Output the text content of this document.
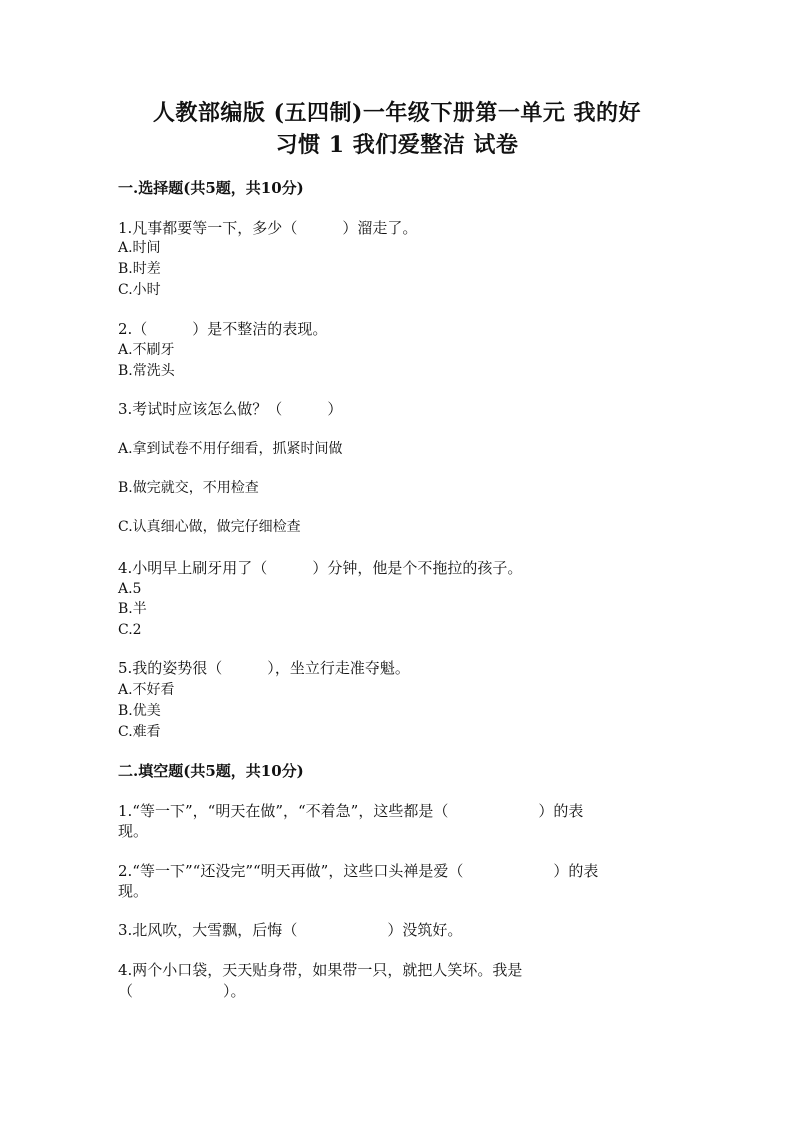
人教部编版 (五四制)一年级下册第一单元 我的好
习惯 1 我们爱整洁 试卷
一.选择题(共5题，共10分)
1.凡事都要等一下，多少（　　　）溜走了。
A.时间
B.时差
C.小时
2.（　　　）是不整洁的表现。
A.不刷牙
B.常洗头
3.考试时应该怎么做？（　　　）
A.拿到试卷不用仔细看，抓紧时间做
B.做完就交，不用检查
C.认真细心做，做完仔细检查
4.小明早上刷牙用了（　　　）分钟，他是个不拖拉的孩子。
A.5
B.半
C.2
5.我的姿势很（　　　），坐立行走准夺魁。
A.不好看
B.优美
C.难看
二.填空题(共5题，共10分)
1.“等一下”，“明天在做”，“不着急”，这些都是（　　　　　　）的表
现。
2.“等一下”“还没完”“明天再做”，这些口头禅是爱（　　　　　　）的表
现。
3.北风吹，大雪飘，后悔（　　　　　　）没筑好。
4.两个小口袋，天天贴身带，如果带一只，就把人笑坏。我是
（　　　　　　）。
